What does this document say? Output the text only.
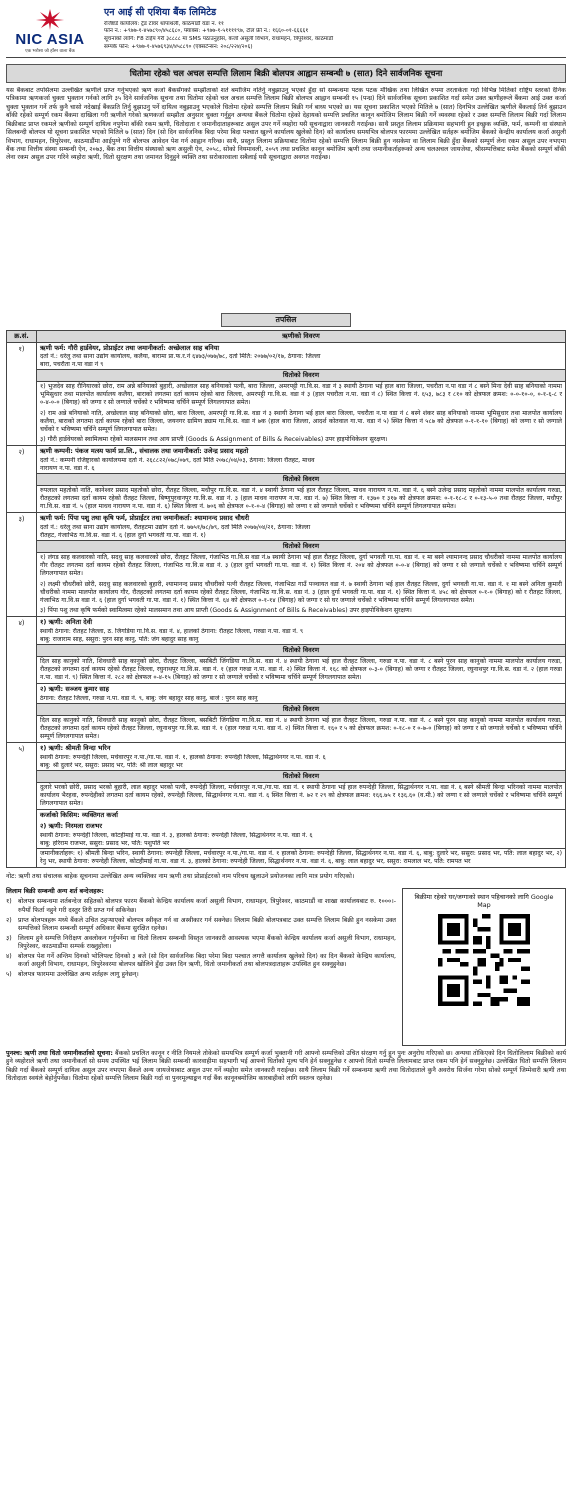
NIC ASIA
एक भरोसा जो हाँस्न वाला बैंक
एन आई सी एशिया बैंक लिमिटेड
रजिष्टर्ड कार्यालय: ट्रेड टावर थापाथली, काठमाडौं वडा नं. ११
फोन नं.: +९७७-१-४५७८९०/४५८६८०, फ्याक्स: +९७७-१-५११११९७, टोल फ्री नं.: १६६०-०१-६६६६१
सूचनाको लागि: F8 टाईप गरी ३८८८८ मा SMS पठाउनुहोस, कर्जा असुली विभाग, राधामहन, त्रिपुरेश्वर, काठमाडौं
सम्पर्क फोन: +९७७-१-४५७६९३४/४५८८९० (एक्सटेन्सन: २०८/२२४/२०६)
धितोमा रहेको चल अचल सम्पत्ति लिलाम बिक्री बोलपत्र आह्वान सम्बन्धी ७ (सात) दिने सार्वजनिक सूचना
यस बैंकबाट तपसिलमा उल्लेखित ऋणीले प्राप्त गर्नुभएको ऋण कर्जा बैंकसँगको सम्झौताको शर्त बमोजिम नतिर्नु नबुझाउनु भएको हुँदा सो सम्बन्धमा पटक पटक मौखिक तथा लिखित रुपमा तरताकेता गर्दा विभिन्न मितिको राष्ट्रिय स्तरको दैनिक पत्रिकामा ऋणकर्जा चुक्ता भुक्तान गर्नको लागि ३५ दिने सार्वजनिक सूचना तथा धितोमा रहेको चल अचल सम्पत्ति लिलाम बिक्री बोलपत्र आह्वान सम्बन्धी १५ (पन्ध्र) दिने सार्वजनिक सूचना प्रकाशित गर्दा समेत उक्त ऋणीहरूले बैंकमा आई उक्त कर्जा चुक्ता भुक्तान गर्ने तर्फ कुनै चासो नदेखाई बैंकप्रति तिर्नु बुझाउनु पर्ने दायित्व नबुझाउनु भएकोले धितोमा रहेको सम्पत्ति लिलाम बिक्री गर्न बाध्य भएको छ। यस सूचना प्रकाशित भएको मितिले ७ (सात) दिनभित्र उल्लेखित ऋणीले बैंकलाई तिर्न बुझाउन बाँकी रहेको सम्पूर्ण रकम बैंकमा दाखिला गरी ऋणीले गरेको ऋणकर्जा सम्झौता अनुसार चुक्ता गर्नुहुन अन्यथा बैंकले धितोमा रहेको देहायको सम्पत्ति प्रचलित कानून बमोजिम लिलाम बिक्री गर्ने व्यवस्था रहेको र उक्त सम्पत्ति लिलाम बिक्री गर्दा लिलाम बिक्रीबाट प्राप्त रकमले ऋणीको सम्पूर्ण दायित्व नपुगेमा बाँकी रकम ऋणी, धितोदाता र जमानीदाताहरूबाट असुल उपर गर्ने व्यहोरा यसै सूचनाद्वारा जानकारी गराईन्छ। साथै प्रस्तुत लिलाम प्रक्रियामा सहभागी हुन इच्छुक व्यक्ति, फर्म, कम्पनी वा संस्थाले सिलबन्दी बोलपत्र यो सूचना प्रकाशित भएको मितिले ७ (सात) दिन (सो दिन सार्वजनिक बिदा परेमा बिदा पश्चात खुल्ने कार्यालय खुलेको दिन) को कार्यालय समयभित्र बोलपत्र फारममा उल्लेखित सर्तहरू बमोजिम बैंकको केन्द्रीय कार्यालय कर्जा असुली विभाग, राधामहन, त्रिपुरेश्वर, काठमाडौंमा आईपुग्ने गरी बोलपत्र आवेदन पेश गर्न आह्वान गरिन्छ। साथै, प्रस्तुत लिलाम प्रक्रियाबाट धितोमा रहेको सम्पत्ति लिलाम बिक्री हुन नसकेमा वा लिलाम बिक्री हुँदा बैंकको सम्पूर्ण लेना रकम असुल उपर नभएमा बैंक तथा वित्तीय संस्था सम्बन्धी ऐन, २०७३, बैंक तथा वित्तीय संस्थाको ऋण असुली ऐन, २०५८, सोको नियमावली, २०५९ तथा प्रचलित कानून बमोजिम ऋणी तथा जमानीकर्ताहरूको अन्य चलअचल जायजेथा, श्रीसम्पत्तिबाट समेत बैंकको सम्पूर्ण बाँकी लेना रकम असुल उपर गरिने व्यहोरा ऋणी, धितो सुरक्षण तथा जमानत दिनुहुने व्यक्ति तथा सरोकारवाला सबैलाई यसै सूचनाद्वारा अवगत गराईन्छ।
तपसिल
क्र.सं.	ऋणीको विवरण
१)	ऋणी फर्म: गौरी हार्डवेयर, प्रोप्राईटर तथा जमानीकर्ता: अच्छेलाल साह बनिया
दर्ता नं.: धरेलु तथा साना उद्योग कार्यालय, कलैया, बारामा प्रा.फ.र.नं ६४७३/०७७/७८, दर्ता मिति: २०७७/०२/१७, ठेगाना: जिल्ला
बारा, पचरौता न.पा वडा नं ९
धितोको विवरण
१) भुजदेव साह रौनियारको छोरा, राम अन्ने बनियाको बुहारी, अच्छेलाल साह बनियाको पत्नी, बारा जिल्ला, अमरपट्टी गा.वि.स. वडा नं ३ स्थायी ठेगाना भई हाल बारा जिल्ला, पचरौता न.पा वडा नं ८ बस्ने मिना देवी साह बनियाको नाममा भूमिसुधार तथा मालपोत कार्यालय कलैया, बाराको लगतमा दर्ता कायम रहेको बारा जिल्ला, अमरपट्टी गा.वि.स. वडा नं ३ (हाल पचरौता न.पा. वडा नं ८) स्थित कित्ता नं. ६५३, ७८३ र ८१० को क्षेत्रफल क्रमश: ०-०-१०-०, ०-१-६-८ र ०-४-०-० (बिगाह) को जग्गा र सो जग्गाले चर्चेको र भविष्यमा चर्चिने सम्पूर्ण लिगलगापात समेत।
२) राम अन्ने बनियाको नाति, अच्छेलाल साह बनियाको छोरा, बारा जिल्ला, अमरपट्टी गा.वि.स. वडा नं ३ स्थायी ठेगाना भई हाल बारा जिल्ला, पचरौता न.पा वडा नं ८ बस्ने शंकर साह बनियाको नाममा भूमिसुधार तथा मालपोत कार्यालय कलैया, बाराको लगतमा दर्ता कायम रहेको बारा जिल्ला, जयनगर ग्रामिण ड्याम गा.वि.स. वडा नं ७क (हाल बारा जिल्ला, आदर्श कोतवाल गा.पा. वडा नं ५) स्थित कित्ता नं ५८७ को क्षेत्रफल ०-१-१-१० (बिगाह) को जग्गा र सो जग्गाले चर्चेको र भविष्यमा चर्चिने सम्पूर्ण लिगलगापात समेत।
३) गौरी हार्डवेयरको स्वामित्वमा रहेको मालसमान तथा आय प्राप्ती (Goods & Assignment of Bills & Receivables) उपर हाइपोथिकेशन सुरक्षण।
२)	ऋणी कम्पनी: पंकज मत्स्य फार्म प्रा.लि., संचालक तथा जमानीकर्ता: उजेन्द्र प्रसाद महतो
दर्ता नं.: कम्पनी रजिष्ट्रारको कार्यालयमा दर्ता नं. २६८८२२/०७८/०७९, दर्ता मिति २०७८/०४/०३, ठेगाना: जिल्ला रौतहट, माधव
नारायण न.पा. वडा नं. ६
धितोको विवरण
रुपलाल महतोको नाति, कानेश्वर प्रसाद महतोको छोरा, रौतहट जिल्ला, मधौपुर गा.वि.स. वडा नं. ४ स्थायी ठेगाना भई हाल रौतहट जिल्ला, माधव नारायण न.पा. वडा नं. ६ बस्ने उजेन्द्र प्रसाद महतोको नाममा मालपोत कार्यालय गरुडा, रौतहटको लगतमा दर्ता कायम रहेको रौतहट जिल्ला, बिष्णुपुरवानपुर गा.वि.स. वडा नं. ३ (हाल माधव नारायण न.पा. वडा नं. ७) स्थित कित्ता नं. १३७० र ३१७ को क्षेत्रफल क्रमश: ०-१-१८-८ र ०-१३-५-० तथा रौतहट जिल्ला, मधौपुर गा.वि.स. वडा नं. ५ (हाल माधव नारायण न.पा. वडा नं. ६) स्थित कित्ता नं. ७०६ को क्षेत्रफल ०-१-०-४ (बिगाह) को जग्गा र सो जग्गाले चर्चेको र भविष्यमा चर्चिने सम्पूर्ण लिगलगापात समेत।
३)	ऋणी फर्म: पिंपा पशु तथा कृषि फर्म, प्रोप्राईटर तथा जमानीकर्ता: श्यामानन्द प्रसाद चौधरी
दर्ता नं.: धरेलु तथा साना उद्योग कार्यालय, रौतहटमा उद्योग दर्ता नं. ७७५१/७८/७९, दर्ता मिति २०७७/०४/२१, ठेगाना: जिल्ला
रौतहट, गंजाभिठ गा.वि.स. वडा नं. ६ (हाल दुर्गा भगवती गा.पा. वडा नं. १)
धितोको विवरण
१) लंगड साह कलवारको नाति, सदधु साह कलवारको छोरा, रौतहट जिल्ला, गंजाभिठ गा.वि.स वडा नं.७ स्थायी ठेगाना भई हाल रौतहट जिल्ला, दुर्गा भगवती गा.पा. वडा नं. १ मा बस्ने श्यामानन्द प्रसाद चौधरीको नाममा मालपोत कार्यालय गौर रौतहट लगतमा दर्ता कायम रहेको रौतहट जिल्ला, गंजाभिठ गा.वि.स वडा नं. ३ (हाल दुर्गा भगवती गा.पा. वडा नं. १) स्थित कित्ता नं. २०४ को क्षेत्रफल ०-०-४ (बिगाह) को जग्गा र सो जग्गाले चर्चेको र भविष्यमा चर्चिने सम्पूर्ण लिगलगापात समेत।
२) लक्ष्मी चौधरीको छोरी, सदधु साह कलवारको बुहारी, श्यामानन्द प्रसाद चौधरीको पत्नी रौतहट जिल्ला, गंजाभिठा गाउँ पञ्चायत वडा नं. ७ स्थायी ठेगाना भई हाल रौतहट जिल्ला, दुर्गा भगवती गा.पा. वडा नं. १ मा बस्ने अनिता कुमारी चौधरीको नाममा मालपोत कार्यालय गौर, रौतहटको लगतमा दर्ता कायम रहेको रौतहट जिल्ला, गंजाभिठ गा.वि.स. वडा नं. ३ (हाल दुर्गा भगवती गा.पा. वडा नं. १) स्थित कित्ता नं. ४५८ को क्षेत्रफल ०-१-० (बिगाह) को र रौतहट जिल्ला, गंजाभिठ गा.वि.स वडा नं. ६ (हाल दुर्गा भगवती गा.पा. वडा नं. १) स्थित कित्ता नं. ६४ को क्षेत्रफल ०-१-१४ (बिगाह) को जग्गा र सो घर जग्गाले चर्चेको र भविष्यमा चर्चिने सम्पूर्ण लिगलगापात समेत।
३) पिंपा पशु तथा कृषि फर्मको स्वामित्वमा रहेको मालसमान तथा आय प्राप्ती (Goods & Assignment of Bills & Receivables) उपर हाइपोथिकेशन सुरक्षण।
४)	१) ऋणी: अनिता देवी
स्थायी ठेगाना: रौतहट जिल्ला, ठ. जिंगडिया गा.वि.स. वडा नं. ४, हालको ठेगाना: रौतहट जिल्ला, गरुडा न.पा. वडा नं. ९
बाबु: राजाराम साह, ससुरा: पुरन साह कानु, पति: जंग बहादुर साह कानु
धितोको विवरण
दिल साह कानुको नाति, शिवधारी साह कानुको छोरा, रौतहट जिल्ला, बसबिटी जिंगडिया गा.वि.स. वडा नं. ४ स्थायी ठेगाना भई हाल रौतहट जिल्ला, गरुडा न.पा. वडा नं. ८ बस्ने पुरन साह कानुको नाममा मालपोत कार्यालय गरुडा, रौतहटको लगतमा दर्ता कायम रहेको रौतहट जिल्ला, रघुनाथपुर गा.वि.स. वडा नं. १ (हाल गरुडा न.पा. वडा नं. २) स्थित कित्ता नं. १६८ को क्षेत्रफल ०-३-० (बिगाह) को जग्गा र रौतहट जिल्ला, रघुनाथपुर गा.वि.स. वडा नं. २ (हाल गरुडा न.पा. वडा नं. ९) स्थित कित्ता नं. २८२ को क्षेत्रफल ०-४-१५ (बिगाह) को जग्गा र सो जग्गाले चर्चेको र भविष्यमा चर्चिने सम्पूर्ण लिगलगापात समेत।
२) ऋणी: सञ्जय कुमार साह
ठेगाना: रौतहट जिल्ला, गरुडा न.पा. वडा नं. ९, बाबु: जंग बहादुर साह कानु, बाजे : पुरन साह कानु
धितोको विवरण
दिल साह कानुको नाति, शिवधारी साह कानुको छोरा, रौतहट जिल्ला, बसबिटी जिंगडिया गा.वि.स. वडा नं. ४ स्थायी ठेगाना भई हाल रौतहट जिल्ला, गरुडा न.पा. वडा नं. ८ बस्ने पुरन साह कानुको नाममा मालपोत कार्यालय गरुडा, रौतहटको लगतमा दर्ता कायम रहेको रौतहट जिल्ला, रघुनाथपुर गा.वि.स. वडा नं. १ (हाल गरुडा न.पा. वडा नं. २) स्थित कित्ता नं. १६० र ५ को क्षेत्रफल क्रमश: ०-१८-० र ०-७-० (बिगाह) को जग्गा र सो जग्गाले चर्चेको र भविष्यमा चर्चिने सम्पूर्ण लिगलगापात समेत।
५)	१) ऋणी: श्रीमती विन्दा भरिन
स्थायी ठेगाना: रुपन्देही जिल्ला, मर्चवारपुर न.पा./गा.पा. वडा नं. १, हालको ठेगाना: रुपन्देही जिल्ला, सिद्धार्थनगर न.पा. वडा नं. ६
बाबु: श्री दुलारे भर, ससुरा: प्रसाद भर, पति: श्री लाल बहादुर भर
धितोको विवरण
दुलारे भरको छोरी, प्रसाद भरको बुहारी, लाल बहादुर भरको पत्नी, रुपन्देही जिल्ला, मर्चवारपुर न.पा./गा.पा. वडा नं. १ स्थायी ठेगाना भई हाल रुपन्देही जिल्ला, सिद्धार्थनगर न.पा. वडा नं. ६ बस्ने श्रीमती बिन्दा भरिनको नाममा मालपोत कार्यालय भैरहवा, रुपन्देहीको लगतमा दर्ता कायम रहेको, रुपन्देही जिल्ला, सिद्धार्थनगर न.पा. वडा नं. ६ स्थित कित्ता नं. ७२ र २९ को क्षेत्रफल क्रमश: १६६.७५ र १३६.६० (व.मी.) को जग्गा र सो जग्गाले चर्चेको र भविष्यमा चर्चिने सम्पूर्ण लिगलगापात समेत।
कर्जाको किसिम: व्यक्तिगत कर्जा
२) ऋणी: निरमला राजभर
स्थायी ठेगाना: रुपन्देही जिल्ला, कोटहीमाई गा.पा. वडा नं. ३, हालको ठेगाना: रुपन्देही जिल्ला, सिद्धार्थनगर न.पा. वडा नं. ६
बाबु: हरिराम राजभर, ससुरा: प्रसाद भर, पति: पशुपति भर
जमानीकर्ताहरू: १) श्रीमती बिन्दा भरिन, स्थायी ठेगाना: रुपन्देही जिल्ला, मर्चवारपुर न.पा./गा.पा. वडा नं. १ हालको ठेगाना: रुपन्देही जिल्ला, सिद्धार्थनगर न.पा. वडा नं. ६, बाबु: दुलारे भर, ससुरा: प्रसाद भर, पति: लाल बहादुर भर, २) रेनु भर, स्थायी ठेगाना: रुपन्देही जिल्ला, कोटहीमाई गा.पा. वडा नं. ३, हालको ठेगाना: रुपन्देही जिल्ला, सिद्धार्थनगर न.पा. वडा नं. ६, बाबु: लाल बहादुर भर, ससुरा: रामलाल भर, पति: रामपत भर
नोट: ऋणी तथा संचालक बाहेक सूचनामा उल्लेखित अन्य व्यक्तिका नाम ऋणी तथा प्रोप्राईटरको नाम परिचय खुलाउने प्रयोजनका लागि मात्र प्रयोग गरिएको।
लिलाम बिक्री सम्बन्धी अन्य शर्त बन्देजहरू:
१) बोलपत्र सम्बन्धमा शर्तबन्देज सहितको बोलपत्र फारम बैंकको केन्द्रिय कार्यालय कर्जा असुली विभाग, राधामहन, त्रिपुरेश्वर, काठमाडौं वा शाखा कार्यालयबाट रु. १०००।- रुपैयाँ फिर्ता नहुने गरी दस्तुर तिरी प्राप्त गर्न सकिनेछ।
२) प्राप्त बोलपत्रहरू मध्ये बैंकले उचित ठहऱ्याएको बोलपत्र स्वीकृत गर्न वा अस्वीकार गर्न सक्नेछ। लिलाम बिक्री बोलपत्रबाट उक्त सम्पत्ति लिलाम बिक्री हुन नसकेमा उक्त सम्पत्तिको लिलाम सम्बन्धी सम्पूर्ण अधिकार बैंकमा सुरक्षित रहनेछ।
३) लिलाम हुने सम्पत्ति निरीक्षण अवलोकन गर्नुपर्नेमा वा धितो लिलाम सम्बन्धी विस्तृत जानकारी आवश्यक भएमा बैंकको केन्द्रिय कार्यालय कर्जा असुली विभाग, राधामहन, त्रिपुरेश्वर, काठमाडौंमा सम्पर्क राख्नुहोला।
४) बोलपत्र पेश गर्ने अन्तिम दिनको भोलिपल्ट दिनको ३ बजे (सो दिन सार्वजनिक बिदा परेमा बिदा पश्चात लगत्तै कार्यालय खुलेको दिन) का दिन बैंकको केन्द्रिय कार्यालय, कर्जा असुली विभाग, राधामहन, त्रिपुरेश्वरमा बोलपत्र खोलिने हुँदा उक्त दिन ऋणी, धितो जमानीकर्ता तथा बोलपत्रदाताहरू उपस्थित हुन सक्नुहुनेछ।
५) बोलपत्र फारममा उल्लेखित अन्य शर्तहरू लागु हुनेछन्।
बिक्रीमा रहेको घर/जग्गाको स्थान पहिचानको लागि Google Map
पुनश्च: ऋणी तथा धितो जमानीकर्ताको सूचना: बैंकको प्रचलित कानून र नीति नियमले तोकेको समयभित्र सम्पूर्ण कर्जा भुक्तानी गरी आफ्नो सम्पत्तिको उचित संरक्षण गर्नु हुन पुनः अनुरोध गरिएको छ। अन्यथा तोकिएको दिन धितोलिलाम बिक्रीको कार्य हुने व्यहोराले ऋणी तथा जमानीकर्ता सो समय उपस्थित भई लिलाम बिक्री सम्बन्धी कारवाहीमा सहभागी भई आफ्नो धितोको मूल्य पनि हेर्न सक्नुहुनेछ र आफ्नो धितो सम्पत्ति लिलामबाट प्राप्त रकम पनि हेर्न सक्नुहुनेछ। उल्लेखित धितो सम्पत्ति लिलाम बिक्री गर्दा बैंकको सम्पूर्ण दायित्व असुल उपर नभएमा बैंकले अन्य जायजेथाबाट असुल उपर गर्ने व्यहोरा समेत जानकारी गराईन्छ। साथै लिलाम बिक्री गर्ने सम्बन्धमा ऋणी तथा धितोदाताले कुनै अवरोध सिर्जना गरेमा सोको सम्पूर्ण जिम्मेवारी ऋणी तथा धितोदाता स्वयंले बेहोर्नुपर्नेछ। धितोमा रहेको सम्पत्ति लिलाम बिक्री गर्दा वा पुनरमूल्याङ्कन गर्दा बैंक कानूनबमोजिम कारबाहीको लागि स्वतन्त्र रहनेछ।
